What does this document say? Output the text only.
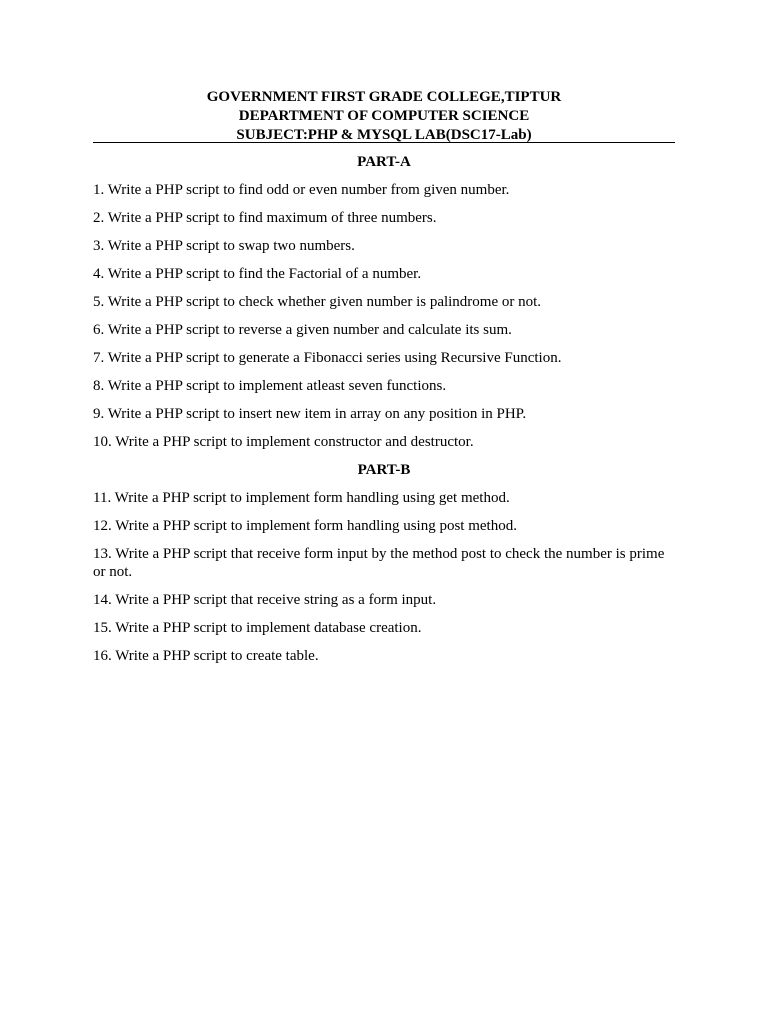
GOVERNMENT FIRST GRADE COLLEGE,TIPTUR
DEPARTMENT OF COMPUTER SCIENCE
SUBJECT:PHP & MYSQL LAB(DSC17-Lab)
PART-A
1. Write a PHP script to find odd or even number from given number.
2. Write a PHP script to find maximum of three numbers.
3. Write a PHP script to swap two numbers.
4. Write a PHP script to find the Factorial of a number.
5. Write a PHP script to check whether given number is palindrome or not.
6. Write a PHP script to reverse a given number and calculate its sum.
7. Write a PHP script to generate a Fibonacci series using Recursive Function.
8. Write a PHP script to implement atleast seven functions.
9. Write a PHP script to insert new item in array on any position in PHP.
10. Write a PHP script to implement constructor and destructor.
PART-B
11. Write a PHP script to implement form handling using get method.
12. Write a PHP script to implement form handling using post method.
13. Write a PHP script that receive form input by the method post to check the number is prime or not.
14. Write a PHP script that receive string as a form input.
15. Write a PHP script to implement database creation.
16. Write a PHP script to create table.
